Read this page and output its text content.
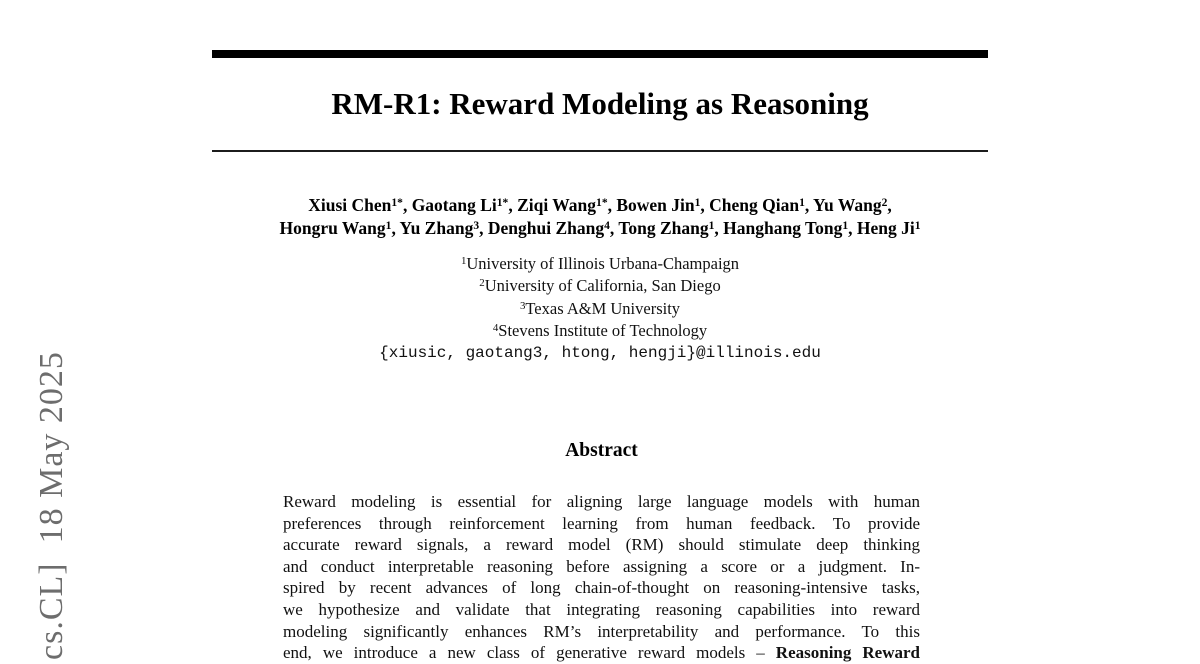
cs.CL]  18 May 2025
RM-R1: Reward Modeling as Reasoning
Xiusi Chen$^{1*}$, Gaotang $Li^{1*}$, Ziqi Wang$^{1*}$, Bowen Jin$^1$, Cheng Qian$^1$, Yu Wang$^2$,
Hongru Wang$^1$, Yu Zhang$^3$, Denghui Zhang$^4$, Tong Zhang$^1$, Hanghang Tong$^1$, Heng Ji$^1$
$^1$University of Illinois Urbana-Champaign
$^2$University of California, San Diego
$^3$Texas A&M University
$^4$Stevens Institute of Technology
{xiusic, gaotang3, htong, hengji}@illinois.edu
Abstract
Reward modeling is essential for aligning large language models with human
preferences through reinforcement learning from human feedback. To provide
accurate reward signals, a reward model (RM) should stimulate deep thinking
and conduct interpretable reasoning before assigning a score or a judgment. In-
spired by recent advances of long chain-of-thought on reasoning-intensive tasks,
we hypothesize and validate that integrating reasoning capabilities into reward
modeling significantly enhances RM’s interpretability and performance. To this
end, we introduce a new class of generative reward models – Reasoning Reward
